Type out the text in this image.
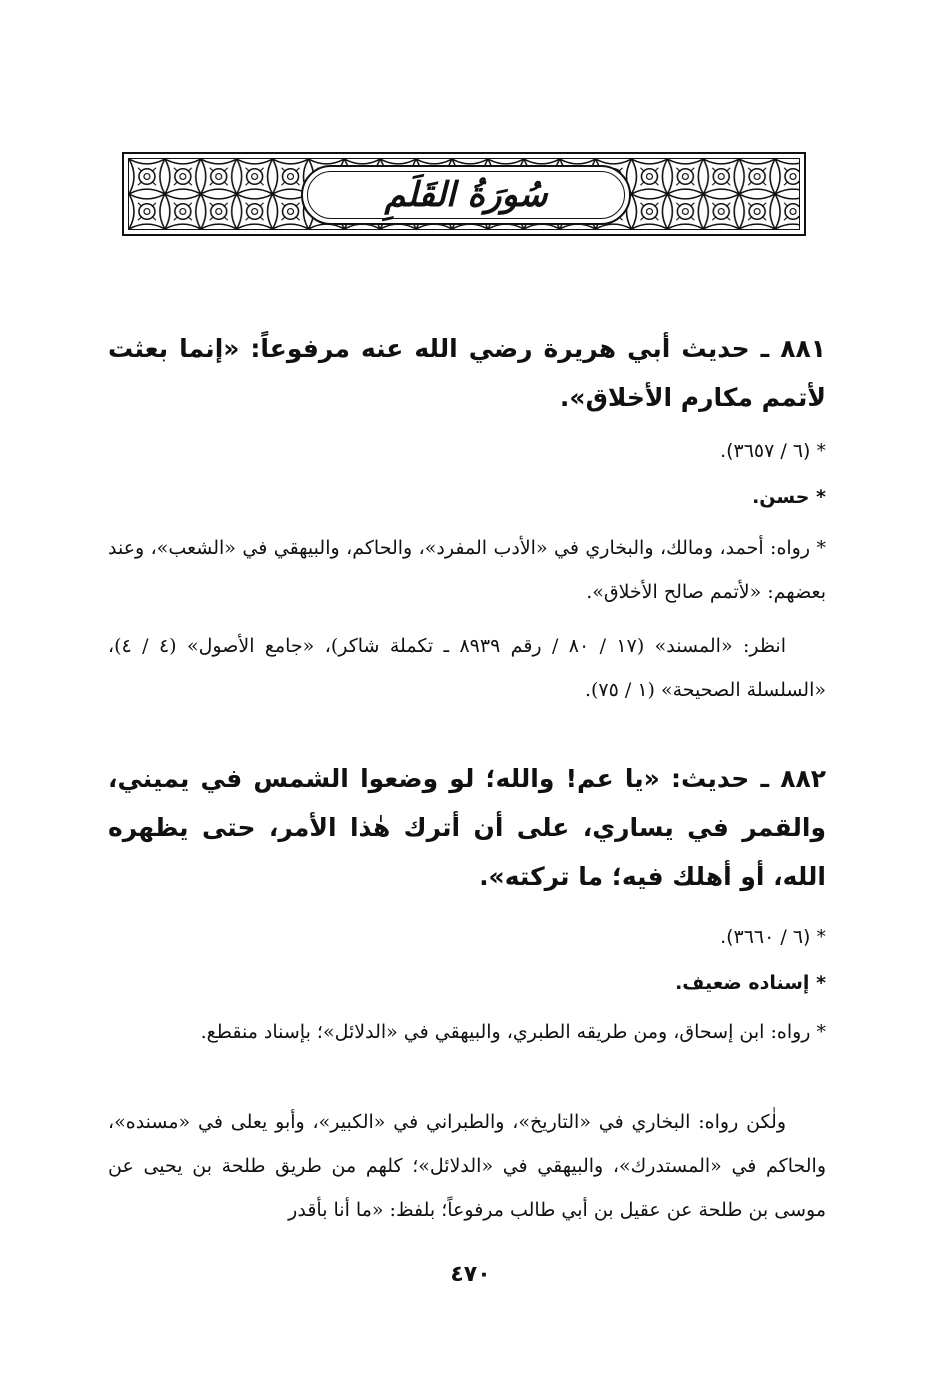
سُورَةُ القَلَمِ
٨٨١ ـ حديث أبي هريرة رضي الله عنه مرفوعاً: «إنما بعثت لأتمم مكارم الأخلاق».
* (٦ / ٣٦٥٧).
* حسن.
* رواه: أحمد، ومالك، والبخاري في «الأدب المفرد»، والحاكم، والبيهقي في «الشعب»، وعند بعضهم: «لأتمم صالح الأخلاق».
انظر: «المسند» (١٧ / ٨٠ / رقم ٨٩٣٩ ـ تكملة شاكر)، «جامع الأصول» (٤ / ٤)، «السلسلة الصحيحة» (١ / ٧٥).
٨٨٢ ـ حديث: «يا عم! والله؛ لو وضعوا الشمس في يميني، والقمر في يساري، على أن أترك هٰذا الأمر، حتى يظهره الله، أو أهلك فيه؛ ما تركته».
* (٦ / ٣٦٦٠).
* إسناده ضعيف.
* رواه: ابن إسحاق، ومن طريقه الطبري، والبيهقي في «الدلائل»؛ بإسناد منقطع.
ولٰكن رواه: البخاري في «التاريخ»، والطبراني في «الكبير»، وأبو يعلى في «مسنده»، والحاكم في «المستدرك»، والبيهقي في «الدلائل»؛ كلهم من طريق طلحة بن يحيى عن موسى بن طلحة عن عقيل بن أبي طالب مرفوعاً؛ بلفظ: «ما أنا بأقدر
٤٧٠
